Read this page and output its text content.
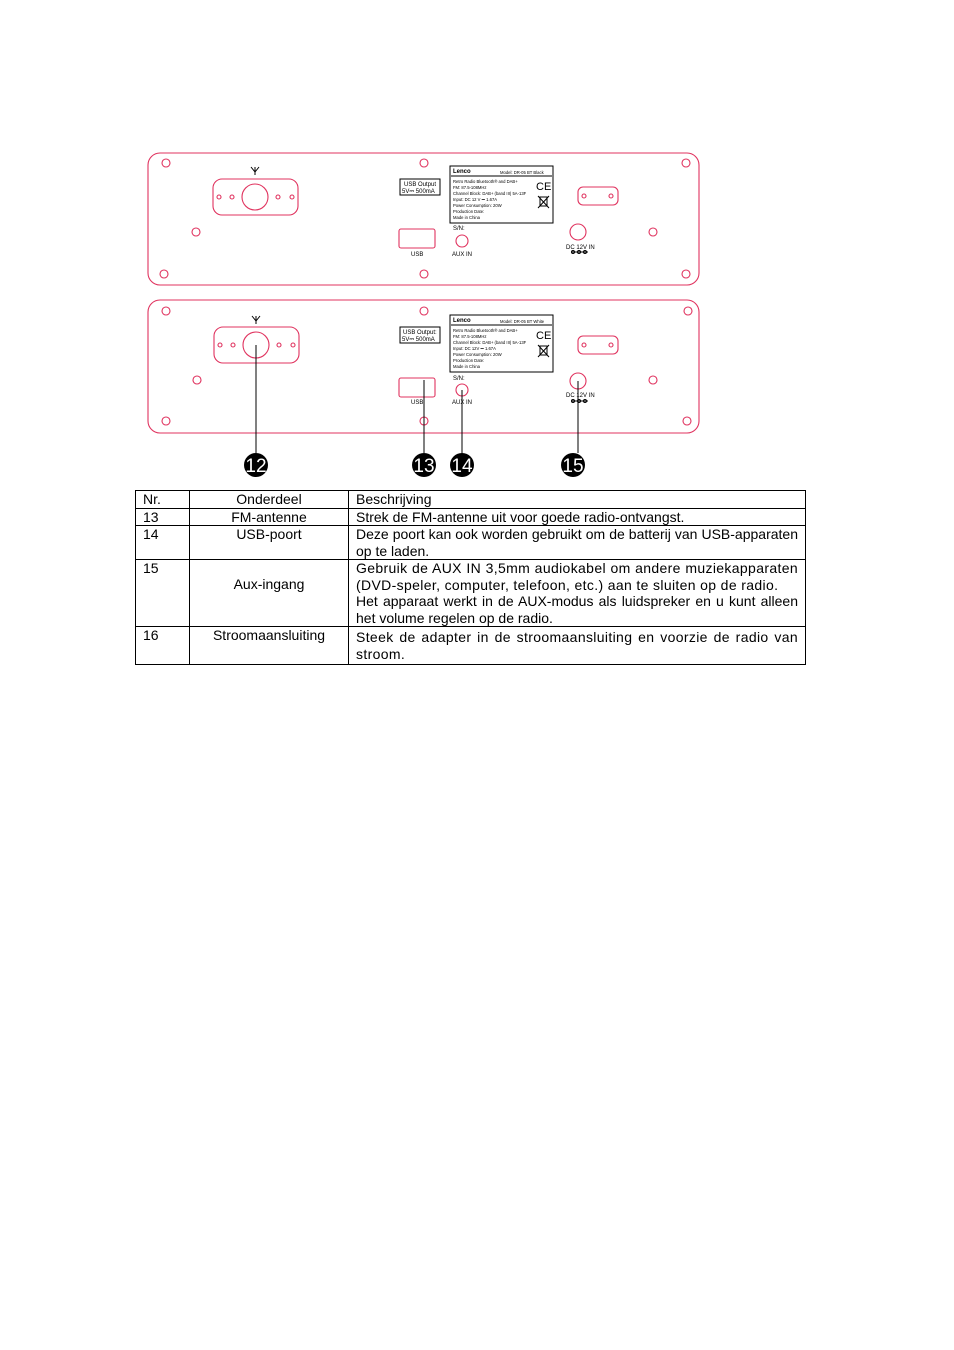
USB Output
5V⎓ 500mA
Lenco	Model: DR-05 BT Black
Retro Radio Bluetooth® and DAB+
FM: 87.5-108MHz
Channel Block: DAB+ (band III) 5A-13F
Input: DC 12 V ⎓ 1.67A
Power Consumption: 20W
Production Date:
Made in China
CE
S/N:
USB	AUX IN
DC 12V IN
USB Output:
5V⎓ 500mA
Lenco	Model: DR-05 BT White
Retro Radio Bluetooth® and DAB+
FM: 87.5-108MHz
Channel Block: DAB+ (band III) 5A-13F
Input: DC 12V ⎓ 1.67A
Power Consumption: 20W
Production Date:
Made in China
CE
S/N:
USB	AUX IN
DC 12V IN
12	13 14	15
Nr.	Onderdeel	Beschrijving
13	FM-antenne	Strek de FM-antenne uit voor goede radio-ontvangst.
14	USB-poort	Deze poort kan ook worden gebruikt om de batterij van USB-apparaten op te laden.
15	Aux-ingang	Gebruik de AUX IN 3,5mm audiokabel om andere muziekapparaten (DVD-speler, computer, telefoon, etc.) aan te sluiten op de radio.
Het apparaat werkt in de AUX-modus als luidspreker en u kunt alleen het volume regelen op de radio.

16	Stroomaansluiting	Steek de adapter in de stroomaansluiting en voorzie de radio van stroom.
